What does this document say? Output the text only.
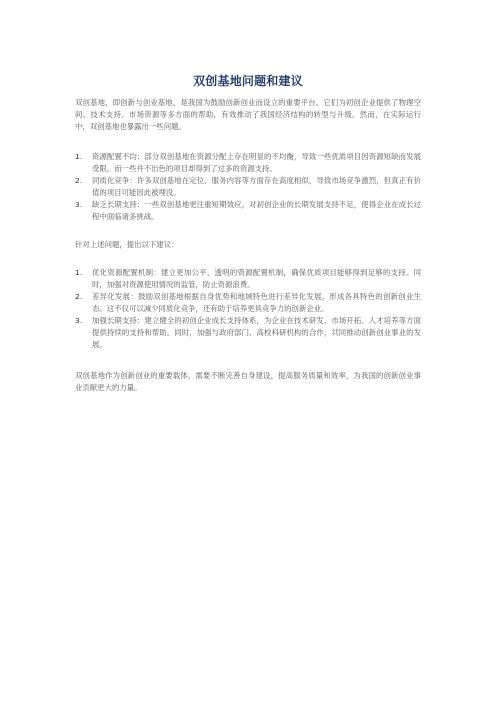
双创基地问题和建议

双创基地，即创新与创业基地，是我国为鼓励创新创业而设立的重要平台。它们为初创企业提供了物理空间、技术支持、市场资源等多方面的帮助，有效推动了我国经济结构的转型与升级。然而，在实际运行中，双创基地也暴露出一些问题。

1. 资源配置不均：部分双创基地在资源分配上存在明显的不均衡，导致一些优质项目因资源短缺而发展受限，而一些并不出色的项目却得到了过多的资源支持。
2. 同质化竞争：许多双创基地在定位、服务内容等方面存在高度相似，导致市场竞争激烈，但真正有价值的项目可能因此被埋没。
3. 缺乏长期支持：一些双创基地更注重短期效应，对初创企业的长期发展支持不足，使得企业在成长过程中面临诸多挑战。

针对上述问题，提出以下建议：

1. 优化资源配置机制：建立更加公平、透明的资源配置机制，确保优质项目能够得到足够的支持。同时，加强对资源使用情况的监管，防止资源浪费。
2. 差异化发展：鼓励双创基地根据自身优势和地域特色进行差异化发展，形成各具特色的创新创业生态。这不仅可以减少同质化竞争，还有助于培养更具竞争力的创新企业。
3. 加强长期支持：建立健全的初创企业成长支持体系，为企业在技术研发、市场开拓、人才培养等方面提供持续的支持和帮助。同时，加强与政府部门、高校科研机构的合作，共同推动创新创业事业的发展。

双创基地作为创新创业的重要载体，需要不断完善自身建设，提高服务质量和效率，为我国的创新创业事业贡献更大的力量。
